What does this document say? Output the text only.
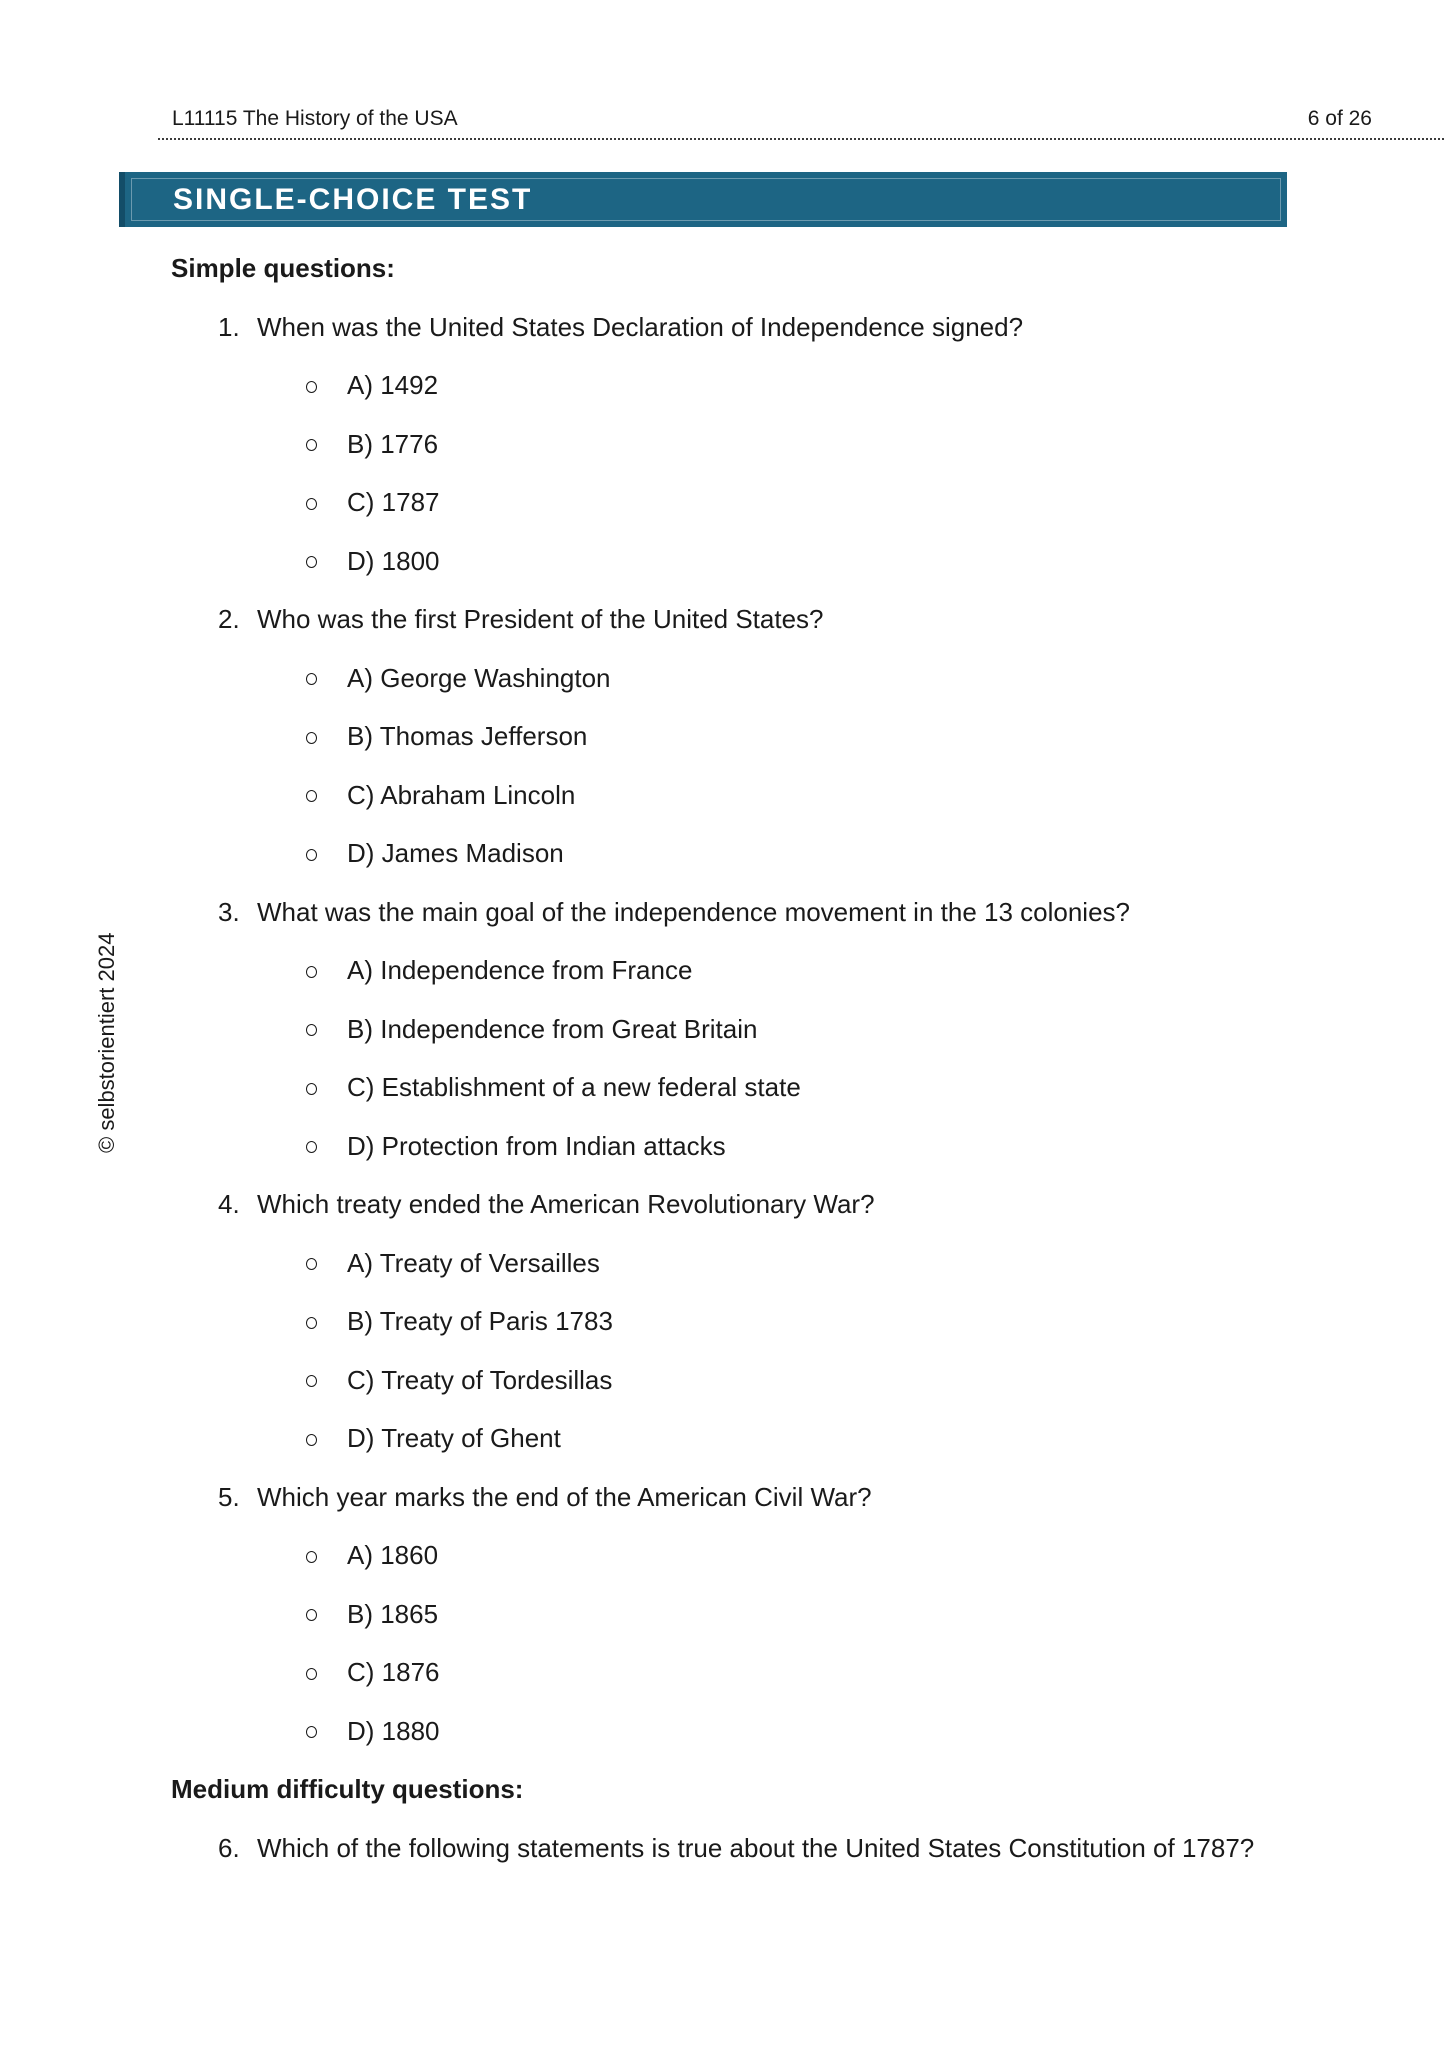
L11115 The History of the USA	6 of 26
SINGLE-CHOICE TEST
© selbstorientiert 2024
Simple questions:
1. When was the United States Declaration of Independence signed?
A) 1492
B) 1776
C) 1787
D) 1800
2. Who was the first President of the United States?
A) George Washington
B) Thomas Jefferson
C) Abraham Lincoln
D) James Madison
3. What was the main goal of the independence movement in the 13 colonies?
A) Independence from France
B) Independence from Great Britain
C) Establishment of a new federal state
D) Protection from Indian attacks
4. Which treaty ended the American Revolutionary War?
A) Treaty of Versailles
B) Treaty of Paris 1783
C) Treaty of Tordesillas
D) Treaty of Ghent
5. Which year marks the end of the American Civil War?
A) 1860
B) 1865
C) 1876
D) 1880
Medium difficulty questions:
6. Which of the following statements is true about the United States Constitution of 1787?
